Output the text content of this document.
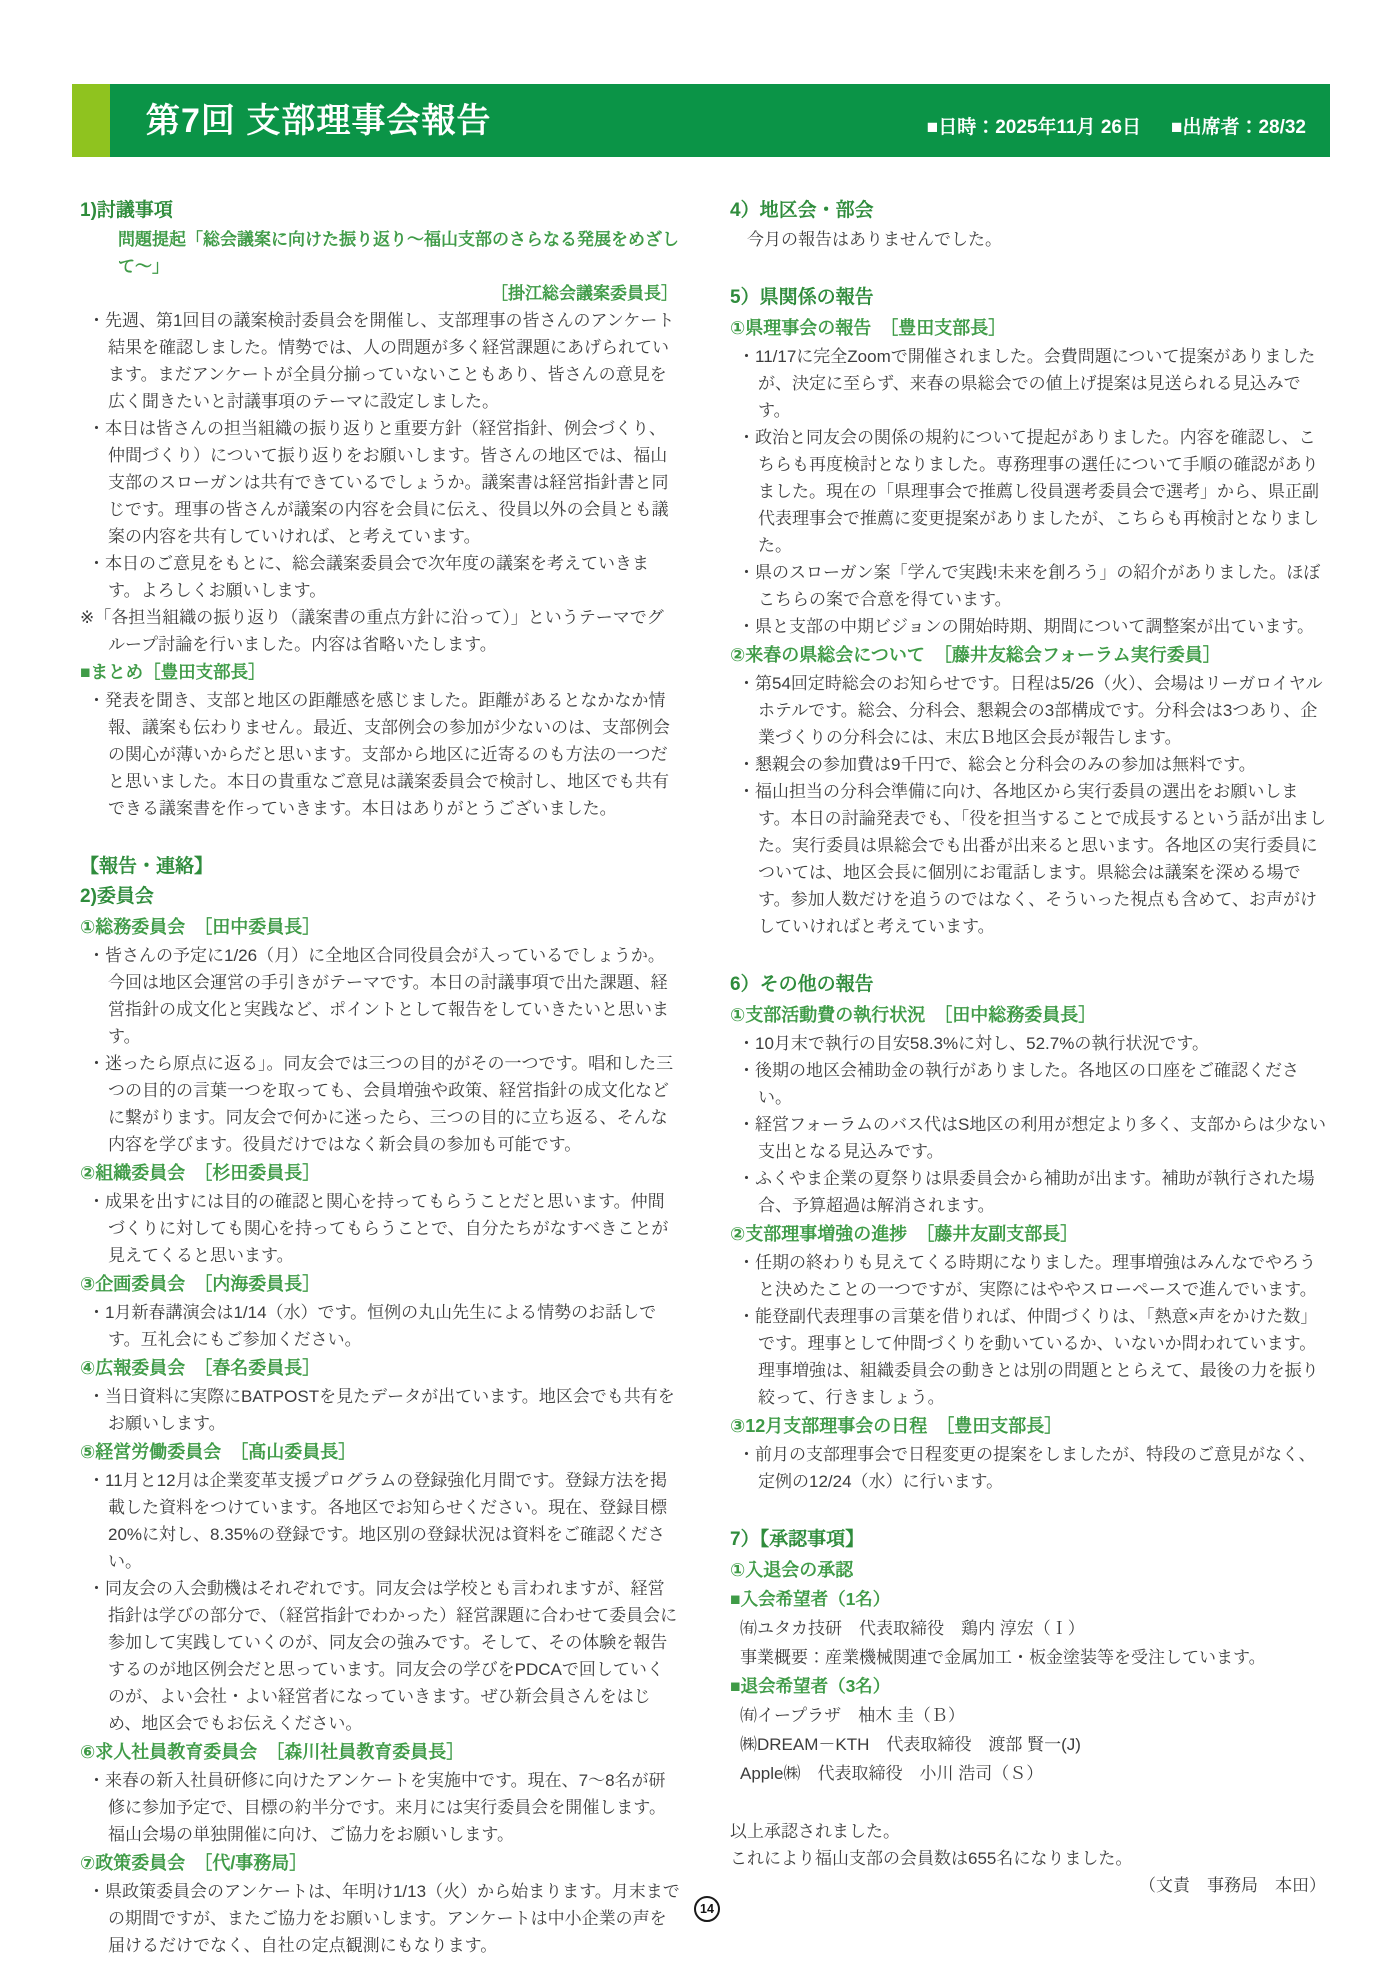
第7回 支部理事会報告	■日時：2025年11月 26日 ■出席者：28/32
1)討議事項
問題提起「総会議案に向けた振り返り～福山支部のさらなる発展をめざして～」
［掛江総会議案委員長］
・先週、第1回目の議案検討委員会を開催し、支部理事の皆さんのアンケート結果を確認しました。情勢では、人の問題が多く経営課題にあげられています。まだアンケートが全員分揃っていないこともあり、皆さんの意見を広く聞きたいと討議事項のテーマに設定しました。
・本日は皆さんの担当組織の振り返りと重要方針（経営指針、例会づくり、仲間づくり）について振り返りをお願いします。皆さんの地区では、福山支部のスローガンは共有できているでしょうか。議案書は経営指針書と同じです。理事の皆さんが議案の内容を会員に伝え、役員以外の会員とも議案の内容を共有していければ、と考えています。
・本日のご意見をもとに、総会議案委員会で次年度の議案を考えていきます。よろしくお願いします。
※「各担当組織の振り返り（議案書の重点方針に沿って）」というテーマでグループ討論を行いました。内容は省略いたします。
■まとめ［豊田支部長］
・発表を聞き、支部と地区の距離感を感じました。距離があるとなかなか情報、議案も伝わりません。最近、支部例会の参加が少ないのは、支部例会の関心が薄いからだと思います。支部から地区に近寄るのも方法の一つだと思いました。本日の貴重なご意見は議案委員会で検討し、地区でも共有できる議案書を作っていきます。本日はありがとうございました。
【報告・連絡】
2)委員会
①総務委員会　［田中委員長］
・皆さんの予定に1/26（月）に全地区合同役員会が入っているでしょうか。今回は地区会運営の手引きがテーマです。本日の討議事項で出た課題、経営指針の成文化と実践など、ポイントとして報告をしていきたいと思います。
・迷ったら原点に返る」。同友会では三つの目的がその一つです。唱和した三つの目的の言葉一つを取っても、会員増強や政策、経営指針の成文化などに繋がります。同友会で何かに迷ったら、三つの目的に立ち返る、そんな内容を学びます。役員だけではなく新会員の参加も可能です。
②組織委員会　［杉田委員長］
・成果を出すには目的の確認と関心を持ってもらうことだと思います。仲間づくりに対しても関心を持ってもらうことで、自分たちがなすべきことが見えてくると思います。
③企画委員会　［内海委員長］
・1月新春講演会は1/14（水）です。恒例の丸山先生による情勢のお話しです。互礼会にもご参加ください。
④広報委員会　［春名委員長］
・当日資料に実際にBATPOSTを見たデータが出ています。地区会でも共有をお願いします。
⑤経営労働委員会　［髙山委員長］
・11月と12月は企業変革支援プログラムの登録強化月間です。登録方法を掲載した資料をつけています。各地区でお知らせください。現在、登録目標20%に対し、8.35%の登録です。地区別の登録状況は資料をご確認ください。
・同友会の入会動機はそれぞれです。同友会は学校とも言われますが、経営指針は学びの部分で、（経営指針でわかった）経営課題に合わせて委員会に参加して実践していくのが、同友会の強みです。そして、その体験を報告するのが地区例会だと思っています。同友会の学びをPDCAで回していくのが、よい会社・よい経営者になっていきます。ぜひ新会員さんをはじめ、地区会でもお伝えください。
⑥求人社員教育委員会　［森川社員教育委員長］
・来春の新入社員研修に向けたアンケートを実施中です。現在、7～8名が研修に参加予定で、目標の約半分です。来月には実行委員会を開催します。福山会場の単独開催に向け、ご協力をお願いします。
⑦政策委員会　［代/事務局］
・県政策委員会のアンケートは、年明け1/13（火）から始まります。月末までの期間ですが、またご協力をお願いします。アンケートは中小企業の声を届けるだけでなく、自社の定点観測にもなります。
4）地区会・部会
今月の報告はありませんでした。
5）県関係の報告
①県理事会の報告　［豊田支部長］
・11/17に完全Zoomで開催されました。会費問題について提案がありましたが、決定に至らず、来春の県総会での値上げ提案は見送られる見込みです。
・政治と同友会の関係の規約について提起がありました。内容を確認し、こちらも再度検討となりました。専務理事の選任について手順の確認がありました。現在の「県理事会で推薦し役員選考委員会で選考」から、県正副代表理事会で推薦に変更提案がありましたが、こちらも再検討となりました。
・県のスローガン案「学んで実践!未来を創ろう」の紹介がありました。ほぼこちらの案で合意を得ています。
・県と支部の中期ビジョンの開始時期、期間について調整案が出ています。
②来春の県総会について　［藤井友総会フォーラム実行委員］
・第54回定時総会のお知らせです。日程は5/26（火）、会場はリーガロイヤルホテルです。総会、分科会、懇親会の3部構成です。分科会は3つあり、企業づくりの分科会には、末広Ｂ地区会長が報告します。
・懇親会の参加費は9千円で、総会と分科会のみの参加は無料です。
・福山担当の分科会準備に向け、各地区から実行委員の選出をお願いします。本日の討論発表でも、「役を担当することで成長するという話が出ました。実行委員は県総会でも出番が出来ると思います。各地区の実行委員については、地区会長に個別にお電話します。県総会は議案を深める場です。参加人数だけを追うのではなく、そういった視点も含めて、お声がけしていければと考えています。
6）その他の報告
①支部活動費の執行状況　［田中総務委員長］
・10月末で執行の目安58.3%に対し、52.7%の執行状況です。
・後期の地区会補助金の執行がありました。各地区の口座をご確認ください。
・経営フォーラムのバス代はS地区の利用が想定より多く、支部からは少ない支出となる見込みです。
・ふくやま企業の夏祭りは県委員会から補助が出ます。補助が執行された場合、予算超過は解消されます。
②支部理事増強の進捗　［藤井友副支部長］
・任期の終わりも見えてくる時期になりました。理事増強はみんなでやろうと決めたことの一つですが、実際にはややスローペースで進んでいます。
・能登副代表理事の言葉を借りれば、仲間づくりは、「熱意×声をかけた数」です。理事として仲間づくりを動いているか、いないか問われています。理事増強は、組織委員会の動きとは別の問題ととらえて、最後の力を振り絞って、行きましょう。
③12月支部理事会の日程　［豊田支部長］
・前月の支部理事会で日程変更の提案をしましたが、特段のご意見がなく、定例の12/24（水）に行います。
7）【承認事項】
①入退会の承認
■入会希望者（1名）
㈲ユタカ技研　代表取締役　鶏内 淳宏（Ｉ）
事業概要：産業機械関連で金属加工・板金塗装等を受注しています。
■退会希望者（3名）
㈲イープラザ　柚木 圭（Ｂ）
㈱DREAM－KTH　代表取締役　渡部 賢一(J)
Apple㈱　代表取締役　小川 浩司（Ｓ）
以上承認されました。
これにより福山支部の会員数は655名になりました。
（文責　事務局　本田）
14
